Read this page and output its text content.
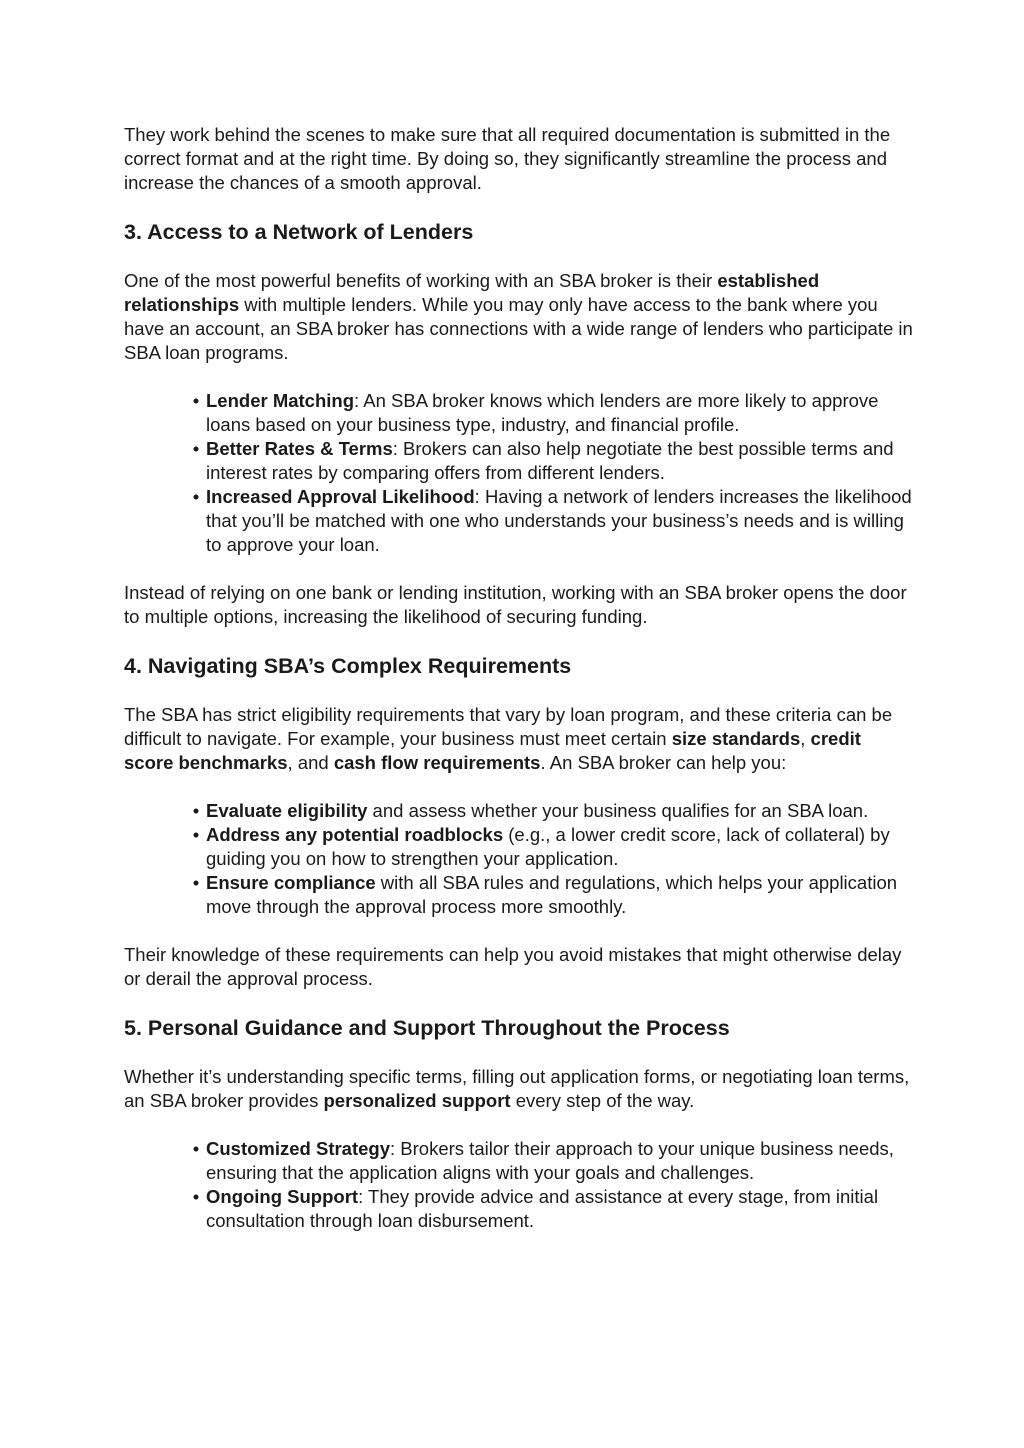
They work behind the scenes to make sure that all required documentation is submitted in the correct format and at the right time. By doing so, they significantly streamline the process and increase the chances of a smooth approval.

3. Access to a Network of Lenders

One of the most powerful benefits of working with an SBA broker is their established relationships with multiple lenders. While you may only have access to the bank where you have an account, an SBA broker has connections with a wide range of lenders who participate in SBA loan programs.

• Lender Matching: An SBA broker knows which lenders are more likely to approve loans based on your business type, industry, and financial profile.
• Better Rates & Terms: Brokers can also help negotiate the best possible terms and interest rates by comparing offers from different lenders.
• Increased Approval Likelihood: Having a network of lenders increases the likelihood that you’ll be matched with one who understands your business’s needs and is willing to approve your loan.

Instead of relying on one bank or lending institution, working with an SBA broker opens the door to multiple options, increasing the likelihood of securing funding.

4. Navigating SBA’s Complex Requirements

The SBA has strict eligibility requirements that vary by loan program, and these criteria can be difficult to navigate. For example, your business must meet certain size standards, credit score benchmarks, and cash flow requirements. An SBA broker can help you:

• Evaluate eligibility and assess whether your business qualifies for an SBA loan.
• Address any potential roadblocks (e.g., a lower credit score, lack of collateral) by guiding you on how to strengthen your application.
• Ensure compliance with all SBA rules and regulations, which helps your application move through the approval process more smoothly.

Their knowledge of these requirements can help you avoid mistakes that might otherwise delay or derail the approval process.

5. Personal Guidance and Support Throughout the Process

Whether it’s understanding specific terms, filling out application forms, or negotiating loan terms, an SBA broker provides personalized support every step of the way.

• Customized Strategy: Brokers tailor their approach to your unique business needs, ensuring that the application aligns with your goals and challenges.
• Ongoing Support: They provide advice and assistance at every stage, from initial consultation through loan disbursement.
